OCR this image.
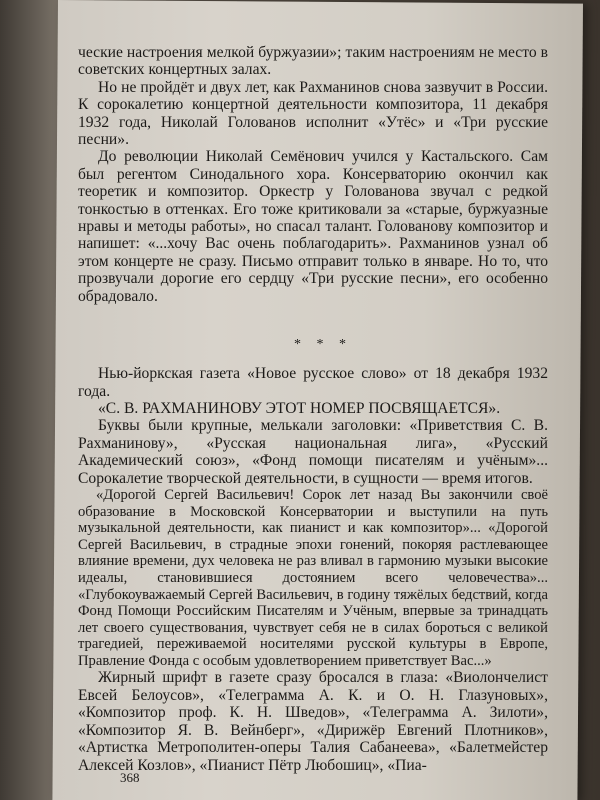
ческие настроения мелкой буржуазии»; таким настроениям не место в советских концертных залах.

Но не пройдёт и двух лет, как Рахманинов снова зазвучит в России. К сорокалетию концертной деятельности композитора, 11 декабря 1932 года, Николай Голованов исполнит «Утёс» и «Три русские песни».

До революции Николай Семёнович учился у Кастальского. Сам был регентом Синодального хора. Консерваторию окончил как теоретик и композитор. Оркестр у Голованова звучал с редкой тонкостью в оттенках. Его тоже критиковали за «старые, буржуазные нравы и методы работы», но спасал талант. Голованову композитор и напишет: «...хочу Вас очень поблагодарить». Рахманинов узнал об этом концерте не сразу. Письмо отправит только в январе. Но то, что прозвучали дорогие его сердцу «Три русские песни», его особенно обрадовало.

* * *

Нью-йоркская газета «Новое русское слово» от 18 декабря 1932 года.

«С. В. РАХМАНИНОВУ ЭТОТ НОМЕР ПОСВЯЩАЕТСЯ».

Буквы были крупные, мелькали заголовки: «Приветствия С. В. Рахманинову», «Русская национальная лига», «Русский Академический союз», «Фонд помощи писателям и учёным»... Сорокалетие творческой деятельности, в сущности — время итогов.

«Дорогой Сергей Васильевич! Сорок лет назад Вы закончили своё образование в Московской Консерватории и выступили на путь музыкальной деятельности, как пианист и как композитор»... «Дорогой Сергей Васильевич, в страдные эпохи гонений, покоряя растлевающее влияние времени, дух человека не раз вливал в гармонию музыки высокие идеалы, становившиеся достоянием всего человечества»... «Глубокоуважаемый Сергей Васильевич, в годину тяжёлых бедствий, когда Фонд Помощи Российским Писателям и Учёным, впервые за тринадцать лет своего существования, чувствует себя не в силах бороться с великой трагедией, переживаемой носителями русской культуры в Европе, Правление Фонда с особым удовлетворением приветствует Вас...»

Жирный шрифт в газете сразу бросался в глаза: «Виолончелист Евсей Белоусов», «Телеграмма А. К. и О. Н. Глазуновых», «Композитор проф. К. Н. Шведов», «Телеграмма А. Зилоти», «Композитор Я. В. Вейнберг», «Дирижёр Евгений Плотников», «Артистка Метрополитен-оперы Талия Сабанеева», «Балетмейстер Алексей Козлов», «Пианист Пётр Любошиц», «Пиа-

368
